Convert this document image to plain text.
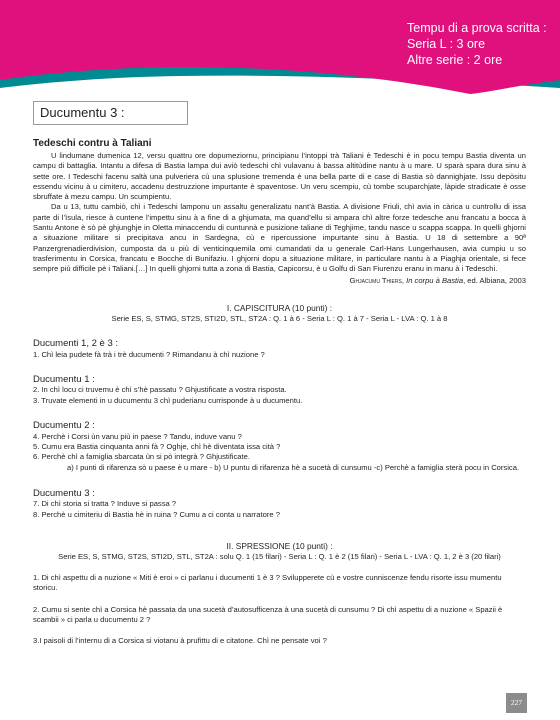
Tempu di a prova scritta :
Seria L : 3 ore
Altre serie : 2 ore
Ducumentu 3 :
Tedeschi contru à Taliani

U lindumane dumenica 12, versu quattru ore dopumeziornu, principianu l’intoppi trà Taliani è Tedeschi è in pocu tempu Bastia diventa un campu di battaglia. Intantu a difesa di Bastia lampa dui aviò tedeschi chì vulavanu à bassa altitùdine nantu à u mare. U sparà spara dura sinu à sette ore. I Tedeschi facenu saltà una pulveriera cù una splusione tremenda è una bella parte di e case di Bastia sò dannighjate. Issu depòsitu essendu vicinu à u cimiteru, accadenu destruzzione impurtante è spaventose. Un veru scempiu, cù tombe scuparchjate, làpide stradicate è osse sbruffate à mezu campu. Un scumpientu.

Da u 13, tuttu cambiò, chì i Tedeschi lamponu un assaltu generalizatu nant’à Bastia. A divisione Friuli, chì avia in càrica u cuntrollu di issa parte di l’ìsula, riesce à cuntene l’impettu sinu à a fine di a ghjumata, ma quand’ellu si ampara chì altre forze tedesche anu francatu a bocca à Santu Antone è sò pè ghjunghje in Oletta minaccendu di cuntunnà e pusizione taliane di Teghjime, tandu nasce u scappa scappa. In quelli ghjorni a situazione militare si precipitava ancu in Sardegna, cù e ripercussione impurtante sinu à Bastia. U 18 di settembre a 90ª Panzergrenadierdivision, cumposta da u più di venticinquemila omi cumandati da u generale Carl-Hans Lungerhausen, avia cumpiu u so trasferimentu in Corsica, francatu e Bocche di Bunifaziu. I ghjorni dopu a situazione militare, in particulare nantu à a Piaghja orientale, si fece sempre più difficile pè i Taliani.[…] In quelli ghjorni tutta a zona di Bastia, Capicorsu, è u Golfu di San Fiurenzu eranu in manu à i Tedeschi.

Ghjacumu Thiers, In corpu à Bastia, ed. Albiana, 2003

I. CAPISCITURA (10 punti) :
Serie ES, S, STMG, ST2S, STI2D, STL, ST2A : Q. 1 à 6 - Seria L : Q. 1 à 7 - Seria L - LVA : Q. 1 à 8
Ducumenti 1, 2 è 3 :

1. Chì leia pudete fà trà i trè ducumenti ? Rimandanu à chì nuzione ?

Ducumentu 1 :

2. In chì locu ci truvemu è chì s’hè passatu ? Ghjustificate a vostra risposta.

3. Truvate elementi in u ducumentu 3 chì puderianu currisponde à u ducumentu.

Ducumentu 2 :

4. Perchè i Corsi ùn vanu più in paese ? Tandu, induve vanu ?

5. Cumu era Bastia cinquanta anni fà ? Oghje, chì hè diventata issa cità ?

6. Perchè chì a famiglia sbarcata ùn si pò integrà ? Ghjustificate.

a) I punti di rifarenza sò u paese è u mare - b) U puntu di rifarenza hè a sucetà di cunsumu -c) Perchè a famiglia sterà pocu in Corsica.

Ducumentu 3 :

7. Di chì storia si tratta ? Induve si passa ?

8. Perchè u cimiteriu di Bastia hè in ruina ? Cumu a ci conta u narratore ?

II. SPRESSIONE (10 punti) :
Serie ES, S, STMG, ST2S, STI2D, STL, ST2A : solu Q. 1 (15 filari) - Seria L : Q. 1 è 2 (15 filari) - Seria L - LVA : Q. 1, 2 è 3 (20 filari)

1. Di chì aspettu di a nuzione « Miti è eroi » ci parlanu i ducumenti 1 è 3 ? Svilupperete cù e vostre cunniscenze fendu risorte issu mumentu storicu.

2. Cumu si sente chì a Corsica hè passata da una sucetà d’autosufficenza à una sucetà di cunsumu ? Di chì aspettu di a nuzione « Spazii è scambii » ci parla u ducumentu 2 ?

3.I paisoli di l’internu di a Corsica si viotanu à prufittu di e citatone. Chì ne pensate voi ?

227
